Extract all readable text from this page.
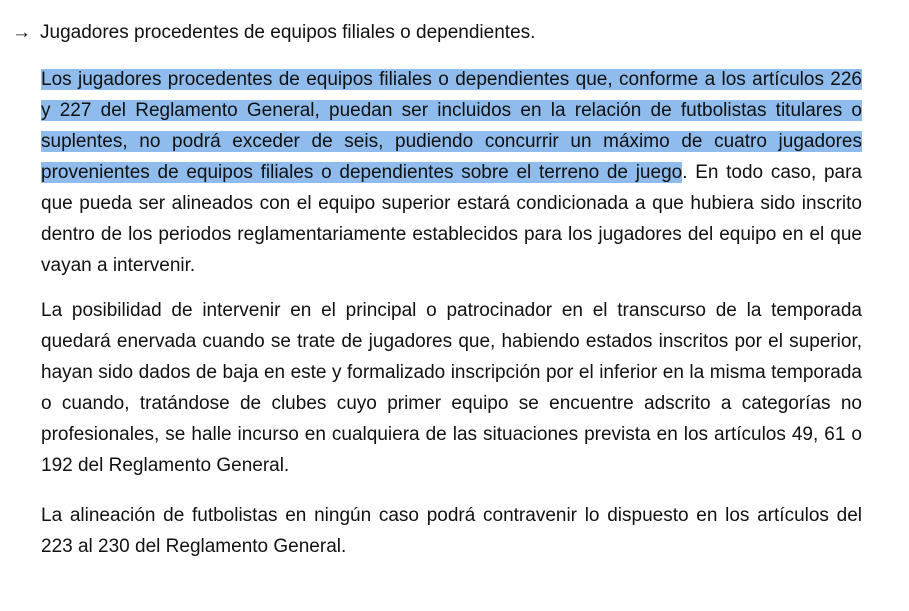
→ Jugadores procedentes de equipos filiales o dependientes.
Los jugadores procedentes de equipos filiales o dependientes que, conforme a los artículos 226 y 227 del Reglamento General, puedan ser incluidos en la relación de futbolistas titulares o suplentes, no podrá exceder de seis, pudiendo concurrir un máximo de cuatro jugadores provenientes de equipos filiales o dependientes sobre el terreno de juego. En todo caso, para que pueda ser alineados con el equipo superior estará condicionada a que hubiera sido inscrito dentro de los periodos reglamentariamente establecidos para los jugadores del equipo en el que vayan a intervenir.
La posibilidad de intervenir en el principal o patrocinador en el transcurso de la temporada quedará enervada cuando se trate de jugadores que, habiendo estados inscritos por el superior, hayan sido dados de baja en este y formalizado inscripción por el inferior en la misma temporada o cuando, tratándose de clubes cuyo primer equipo se encuentre adscrito a categorías no profesionales, se halle incurso en cualquiera de las situaciones prevista en los artículos 49, 61 o 192 del Reglamento General.
La alineación de futbolistas en ningún caso podrá contravenir lo dispuesto en los artículos del 223 al 230 del Reglamento General.
